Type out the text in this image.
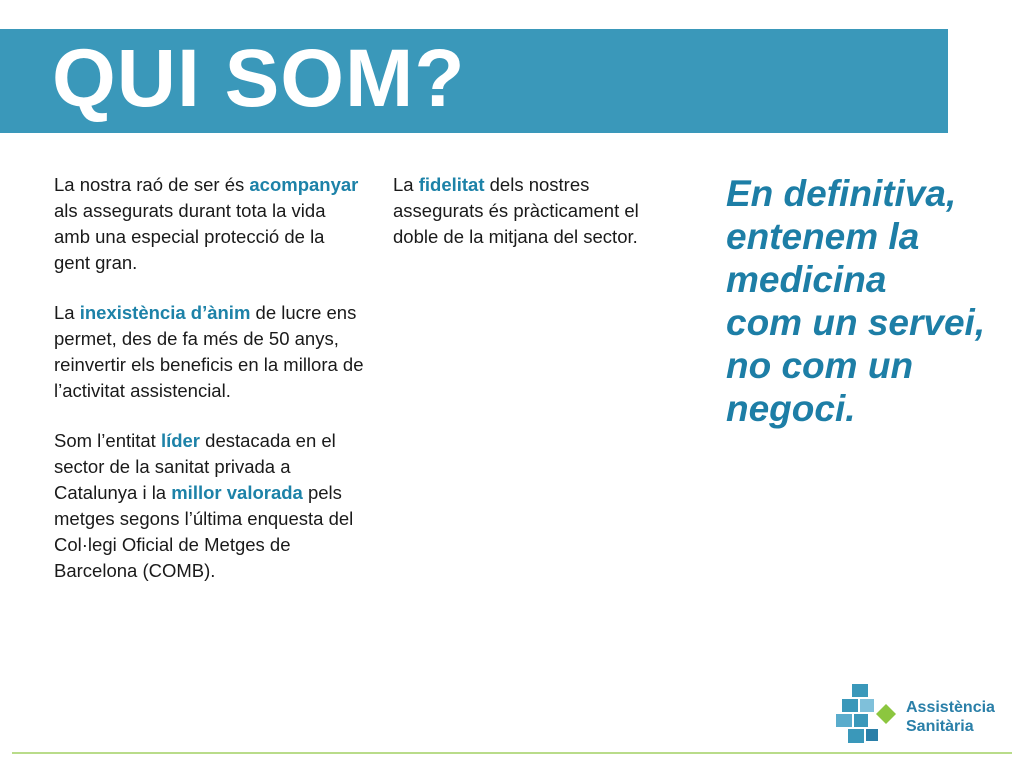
QUI SOM?

La nostra raó de ser és acompanyar als assegurats durant tota la vida amb una especial protecció de la gent gran.

La inexistència d’ànim de lucre ens permet, des de fa més de 50 anys, reinvertir els beneficis en la millora de l’activitat assistencial.

Som l’entitat líder destacada en el sector de la sanitat privada a Catalunya i la millor valorada pels metges segons l’última enquesta del Col·legi Oficial de Metges de Barcelona (COMB).

La fidelitat dels nostres assegurats és pràcticament el doble de la mitjana del sector.

En definitiva,
entenem la
medicina
com un servei,
no com un
negoci.

Assistència
Sanitària
